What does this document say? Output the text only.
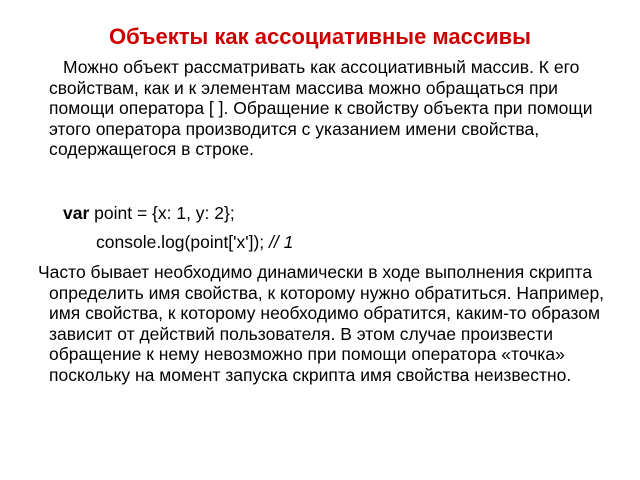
Объекты как ассоциативные массивы

Можно объект рассматривать как ассоциативный массив. К его свойствам, как и к элементам массива можно обращаться при помощи оператора [ ]. Обращение к свойству объекта при помощи этого оператора производится с указанием имени свойства, содержащегося в строке.

var point = {x: 1, y: 2};
console.log(point['x']); // 1

Часто бывает необходимо динамически в ходе выполнения скрипта определить имя свойства, к которому нужно обратиться. Например, имя свойства, к которому необходимо обратится, каким-то образом зависит от действий пользователя. В этом случае произвести обращение к нему невозможно при помощи оператора «точка» поскольку на момент запуска скрипта имя свойства неизвестно.
